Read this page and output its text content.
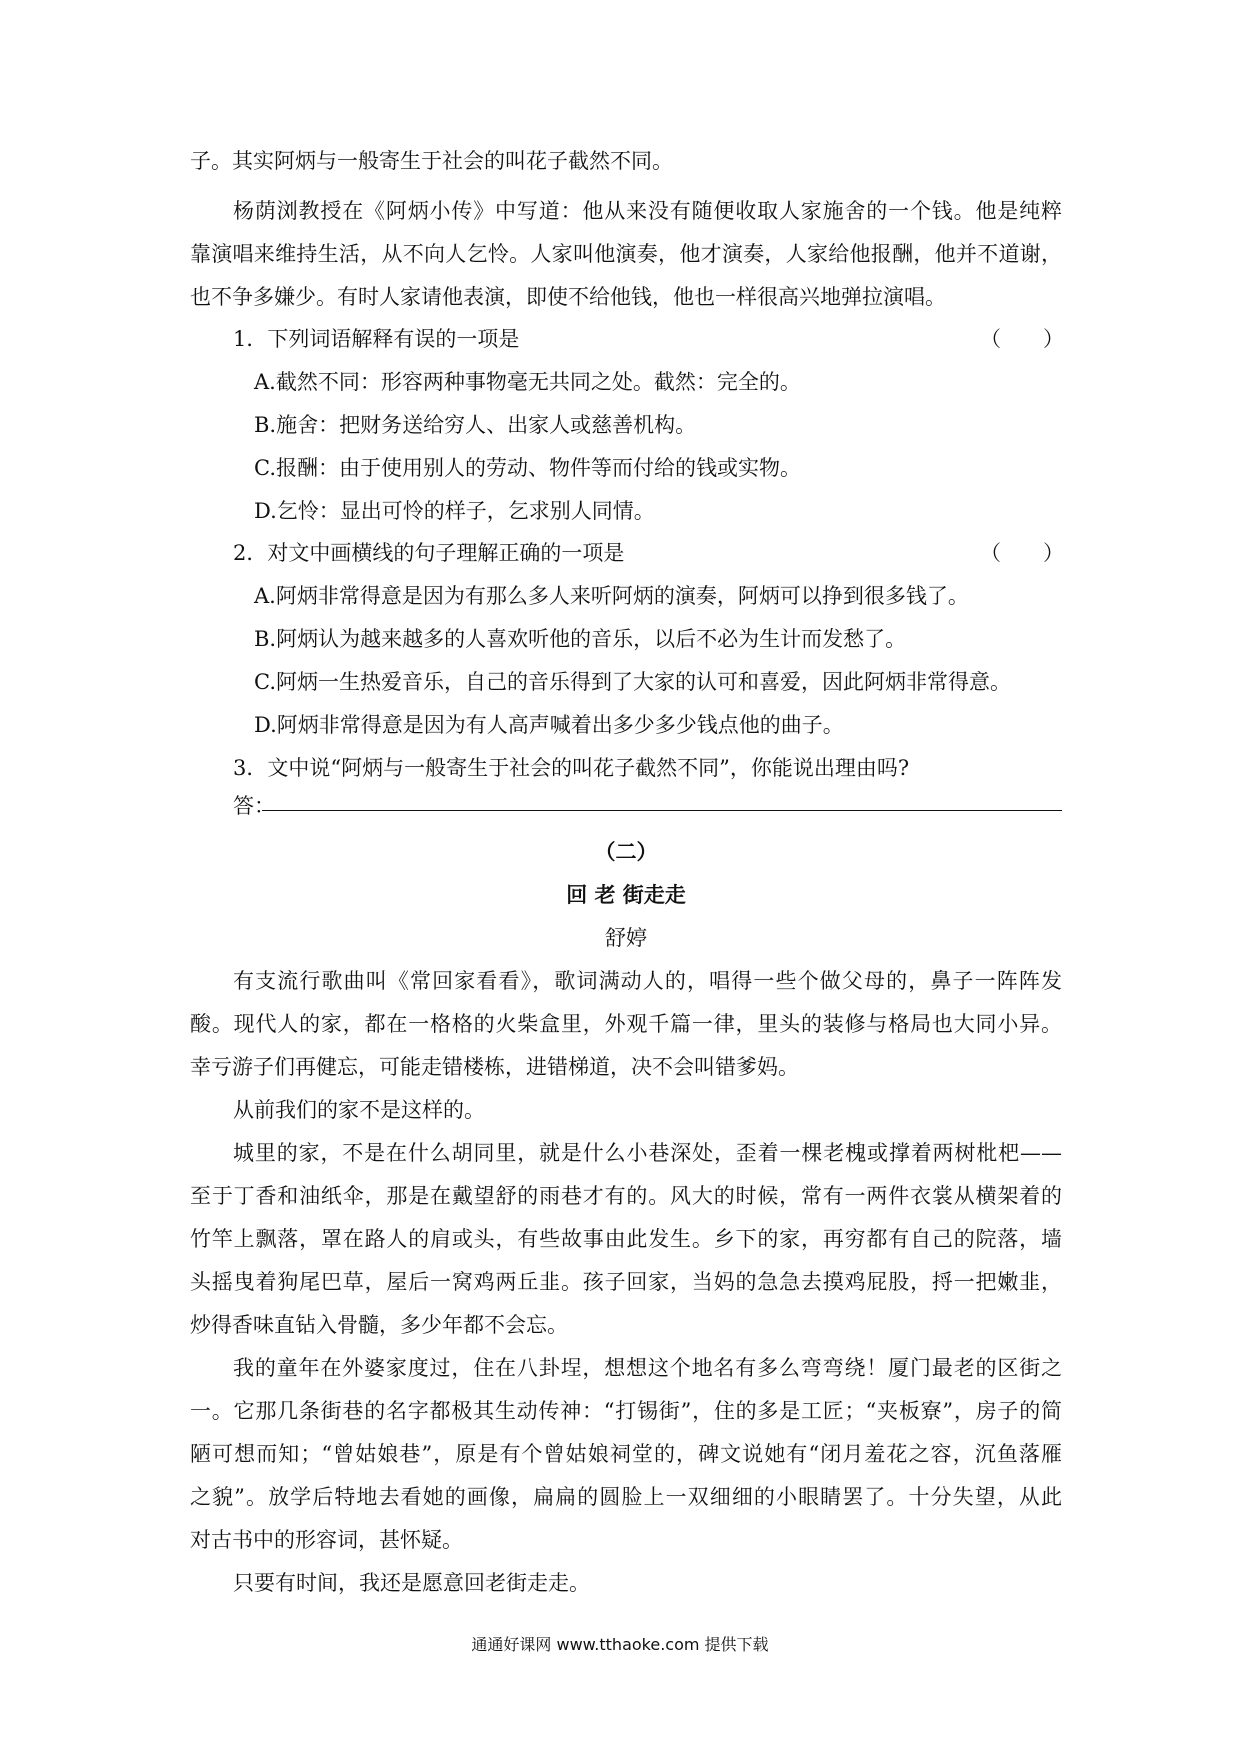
子。其实阿炳与一般寄生于社会的叫花子截然不同。
杨荫浏教授在《阿炳小传》中写道：他从来没有随便收取人家施舍的一个钱。他是纯粹
靠演唱来维持生活，从不向人乞怜。人家叫他演奏，他才演奏，人家给他报酬，他并不道谢，
也不争多嫌少。有时人家请他表演，即使不给他钱，他也一样很高兴地弹拉演唱。
1．下列词语解释有误的一项是	（　　）
A.截然不同：形容两种事物毫无共同之处。截然：完全的。
B.施舍：把财务送给穷人、出家人或慈善机构。
C.报酬：由于使用别人的劳动、物件等而付给的钱或实物。
D.乞怜：显出可怜的样子，乞求别人同情。
2．对文中画横线的句子理解正确的一项是	（　　）
A.阿炳非常得意是因为有那么多人来听阿炳的演奏，阿炳可以挣到很多钱了。
B.阿炳认为越来越多的人喜欢听他的音乐，以后不必为生计而发愁了。
C.阿炳一生热爱音乐，自己的音乐得到了大家的认可和喜爱，因此阿炳非常得意。
D.阿炳非常得意是因为有人高声喊着出多少多少钱点他的曲子。
3．文中说“阿炳与一般寄生于社会的叫花子截然不同”，你能说出理由吗?
答：
（二）
回 老 街走走
舒婷
有支流行歌曲叫《常回家看看》，歌词满动人的，唱得一些个做父母的，鼻子一阵阵发
酸。现代人的家，都在一格格的火柴盒里，外观千篇一律，里头的装修与格局也大同小异。
幸亏游子们再健忘，可能走错楼栋，进错梯道，决不会叫错爹妈。
从前我们的家不是这样的。
城里的家，不是在什么胡同里，就是什么小巷深处，歪着一棵老槐或撑着两树枇杷——
至于丁香和油纸伞，那是在戴望舒的雨巷才有的。风大的时候，常有一两件衣裳从横架着的
竹竿上飘落，罩在路人的肩或头，有些故事由此发生。乡下的家，再穷都有自己的院落，墙
头摇曳着狗尾巴草，屋后一窝鸡两丘韭。孩子回家，当妈的急急去摸鸡屁股，捋一把嫩韭，
炒得香味直钻入骨髓，多少年都不会忘。
我的童年在外婆家度过，住在八卦埕，想想这个地名有多么弯弯绕！厦门最老的区街之
一。它那几条街巷的名字都极其生动传神：“打锡街”，住的多是工匠；“夹板寮”，房子的简
陋可想而知；“曾姑娘巷”，原是有个曾姑娘祠堂的，碑文说她有“闭月羞花之容，沉鱼落雁
之貌”。放学后特地去看她的画像，扁扁的圆脸上一双细细的小眼睛罢了。十分失望，从此
对古书中的形容词，甚怀疑。
只要有时间，我还是愿意回老街走走。
通通好课网 www.tthaoke.com 提供下载
